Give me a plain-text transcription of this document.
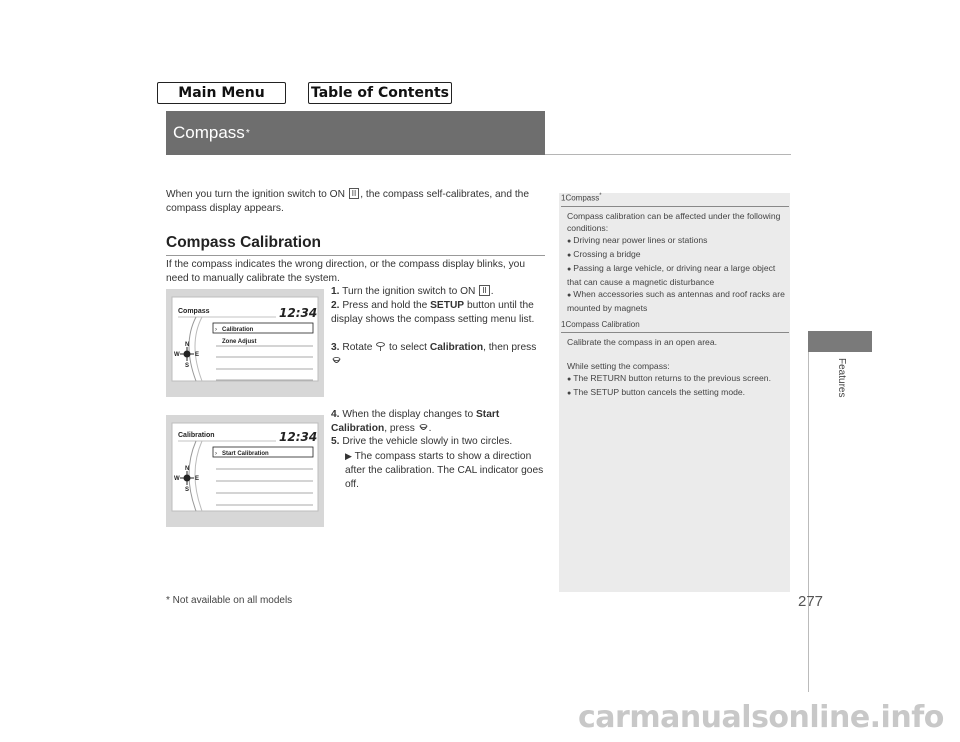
Main Menu	Table of Contents
Compass *
When you turn the ignition switch to ON II , the compass self-calibrates, and the compass display appears.
Compass Calibration
If the compass indicates the wrong direction, or the compass display blinks, you need to manually calibrate the system.
Compass	12:34
› Calibration
Zone Adjust
N
E
S
W
Calibration	12:34
› Start Calibration
N
E
S
W
1. Turn the ignition switch to ON II .
2. Press and hold the SETUP button until the display shows the compass setting menu list.
3. Rotate to select Calibration, then press
4. When the display changes to Start Calibration, press .
5. Drive the vehicle slowly in two circles.
▶ The compass starts to show a direction after the calibration. The CAL indicator goes off.
1Compass*
Compass calibration can be affected under the following conditions:
● Driving near power lines or stations
● Crossing a bridge
● Passing a large vehicle, or driving near a large object that can cause a magnetic disturbance
● When accessories such as antennas and roof racks are mounted by magnets
1Compass Calibration
Calibrate the compass in an open area.
While setting the compass:
● The RETURN button returns to the previous screen.
● The SETUP button cancels the setting mode.	Features
* Not available on all models	277
carmanualsonline.info
